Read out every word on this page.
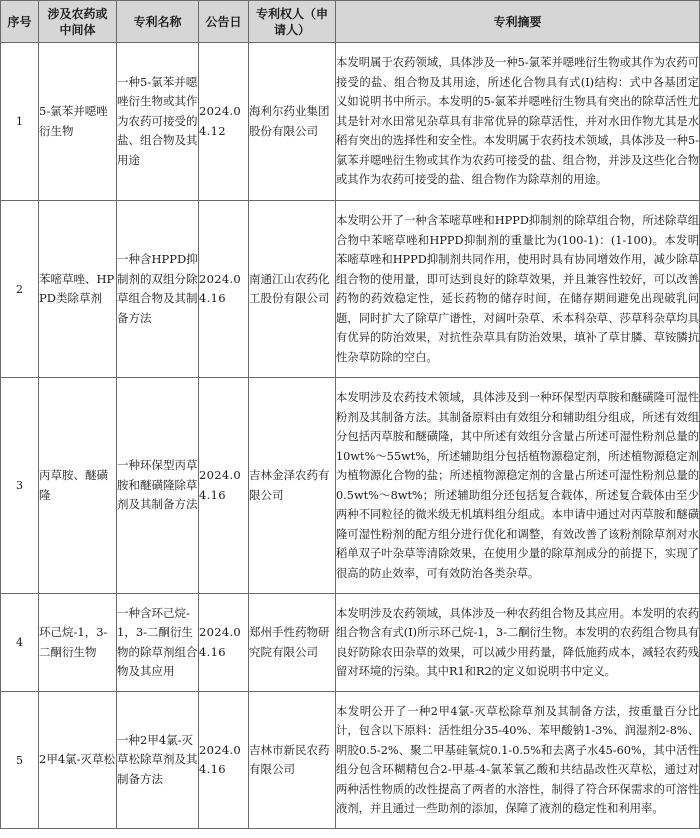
序号	涉及农药或中间体	专利名称	公告日	专利权人（申请人）	专利摘要
1	5-氯苯并噁唑衍生物	一种5-氯苯并噁唑衍生物或其作为农药可接受的盐、组合物及其用途	2024.04.12	海利尔药业集团股份有限公司	本发明属于农药领域，具体涉及一种5-氯苯并噁唑衍生物或其作为农药可接受的盐、组合物及其用途，所述化合物具有式(I)结构：式中各基团定义如说明书中所示。本发明的5-氯苯并噁唑衍生物具有突出的除草活性尤其是针对水田常见杂草具有非常优异的除草活性，并对水田作物尤其是水稻有突出的选择性和安全性。本发明属于农药技术领域，具体涉及一种5-氯苯并噁唑衍生物或其作为农药可接受的盐、组合物，并涉及这些化合物或其作为农药可接受的盐、组合物作为除草剂的用途。

2	苯嘧草唑、HPPD类除草剂	一种含HPPD抑制剂的双组分除草组合物及其制备方法	2024.04.16	南通江山农药化工股份有限公司	本发明公开了一种含苯嘧草唑和HPPD抑制剂的除草组合物，所述除草组合物中苯嘧草唑和HPPD抑制剂的重量比为(100-1)：(1-100)。本发明苯嘧草唑和HPPD抑制剂共同作用，使用时具有协同增效作用，减少除草组合物的使用量，即可达到良好的除草效果，并且兼容性较好，可以改善药物的药效稳定性，延长药物的储存时间，在储存期间避免出现破乳问题，同时扩大了除草广谱性，对阔叶杂草、禾本科杂草、莎草科杂草均具有优异的防治效果，对抗性杂草具有防治效果，填补了草甘膦、草铵膦抗性杂草防除的空白。

3	丙草胺、醚磺隆	一种环保型丙草胺和醚磺隆除草剂及其制备方法	2024.04.16	吉林金泽农药有限公司	本发明涉及农药技术领域，具体涉及到一种环保型丙草胺和醚磺隆可湿性粉剂及其制备方法。其制备原料由有效组分和辅助组分组成，所述有效组分包括丙草胺和醚磺隆，其中所述有效组分含量占所述可湿性粉剂总量的10wt%～55wt%，所述辅助组分包括植物源稳定剂，所述植物源稳定剂为植物源化合物的盐；所述植物源稳定剂的含量占所述可湿性粉剂总量的0.5wt%～8wt%；所述辅助组分还包括复合载体，所述复合载体由至少两种不同粒径的微米级无机填料组分组成。本申请中通过对丙草胺和醚磺隆可湿性粉剂的配方组分进行优化和调整，有效改善了该粉剂除草剂对水稻单双子叶杂草等清除效果，在使用少量的除草剂成分的前提下，实现了很高的防止效率，可有效防治各类杂草。

4	环己烷-1，3-二酮衍生物	一种含环己烷-1，3-二酮衍生物的除草剂组合物及其应用	2024.04.16	郑州手性药物研究院有限公司	本发明涉及农药领域，具体涉及一种农药组合物及其应用。本发明的农药组合物含有式(I)所示环己烷-1，3-二酮衍生物。本发明的农药组合物具有良好防除农田杂草的效果，可以减少用药量，降低施药成本，减轻农药残留对环境的污染。其中R1和R2的定义如说明书中定义。

5	2甲4氯-灭草松	一种2甲4氯-灭草松除草剂及其制备方法	2024.04.16	吉林市新民农药有限公司	本发明公开了一种2甲4氯-灭草松除草剂及其制备方法，按重量百分比计，包含以下原料：活性组分35-40%、苯甲酸钠1-3%、润湿剂2-8%、明胶0.5-2%、聚二甲基硅氧烷0.1-0.5%和去离子水45-60%，其中活性组分包含环糊精包合2-甲基-4-氯苯氧乙酸和共结晶改性灭草松，通过对两种活性物质的改性提高了两者的水溶性，制得了符合环保需求的可溶性液剂，并且通过一些助剂的添加，保障了液剂的稳定性和利用率。
